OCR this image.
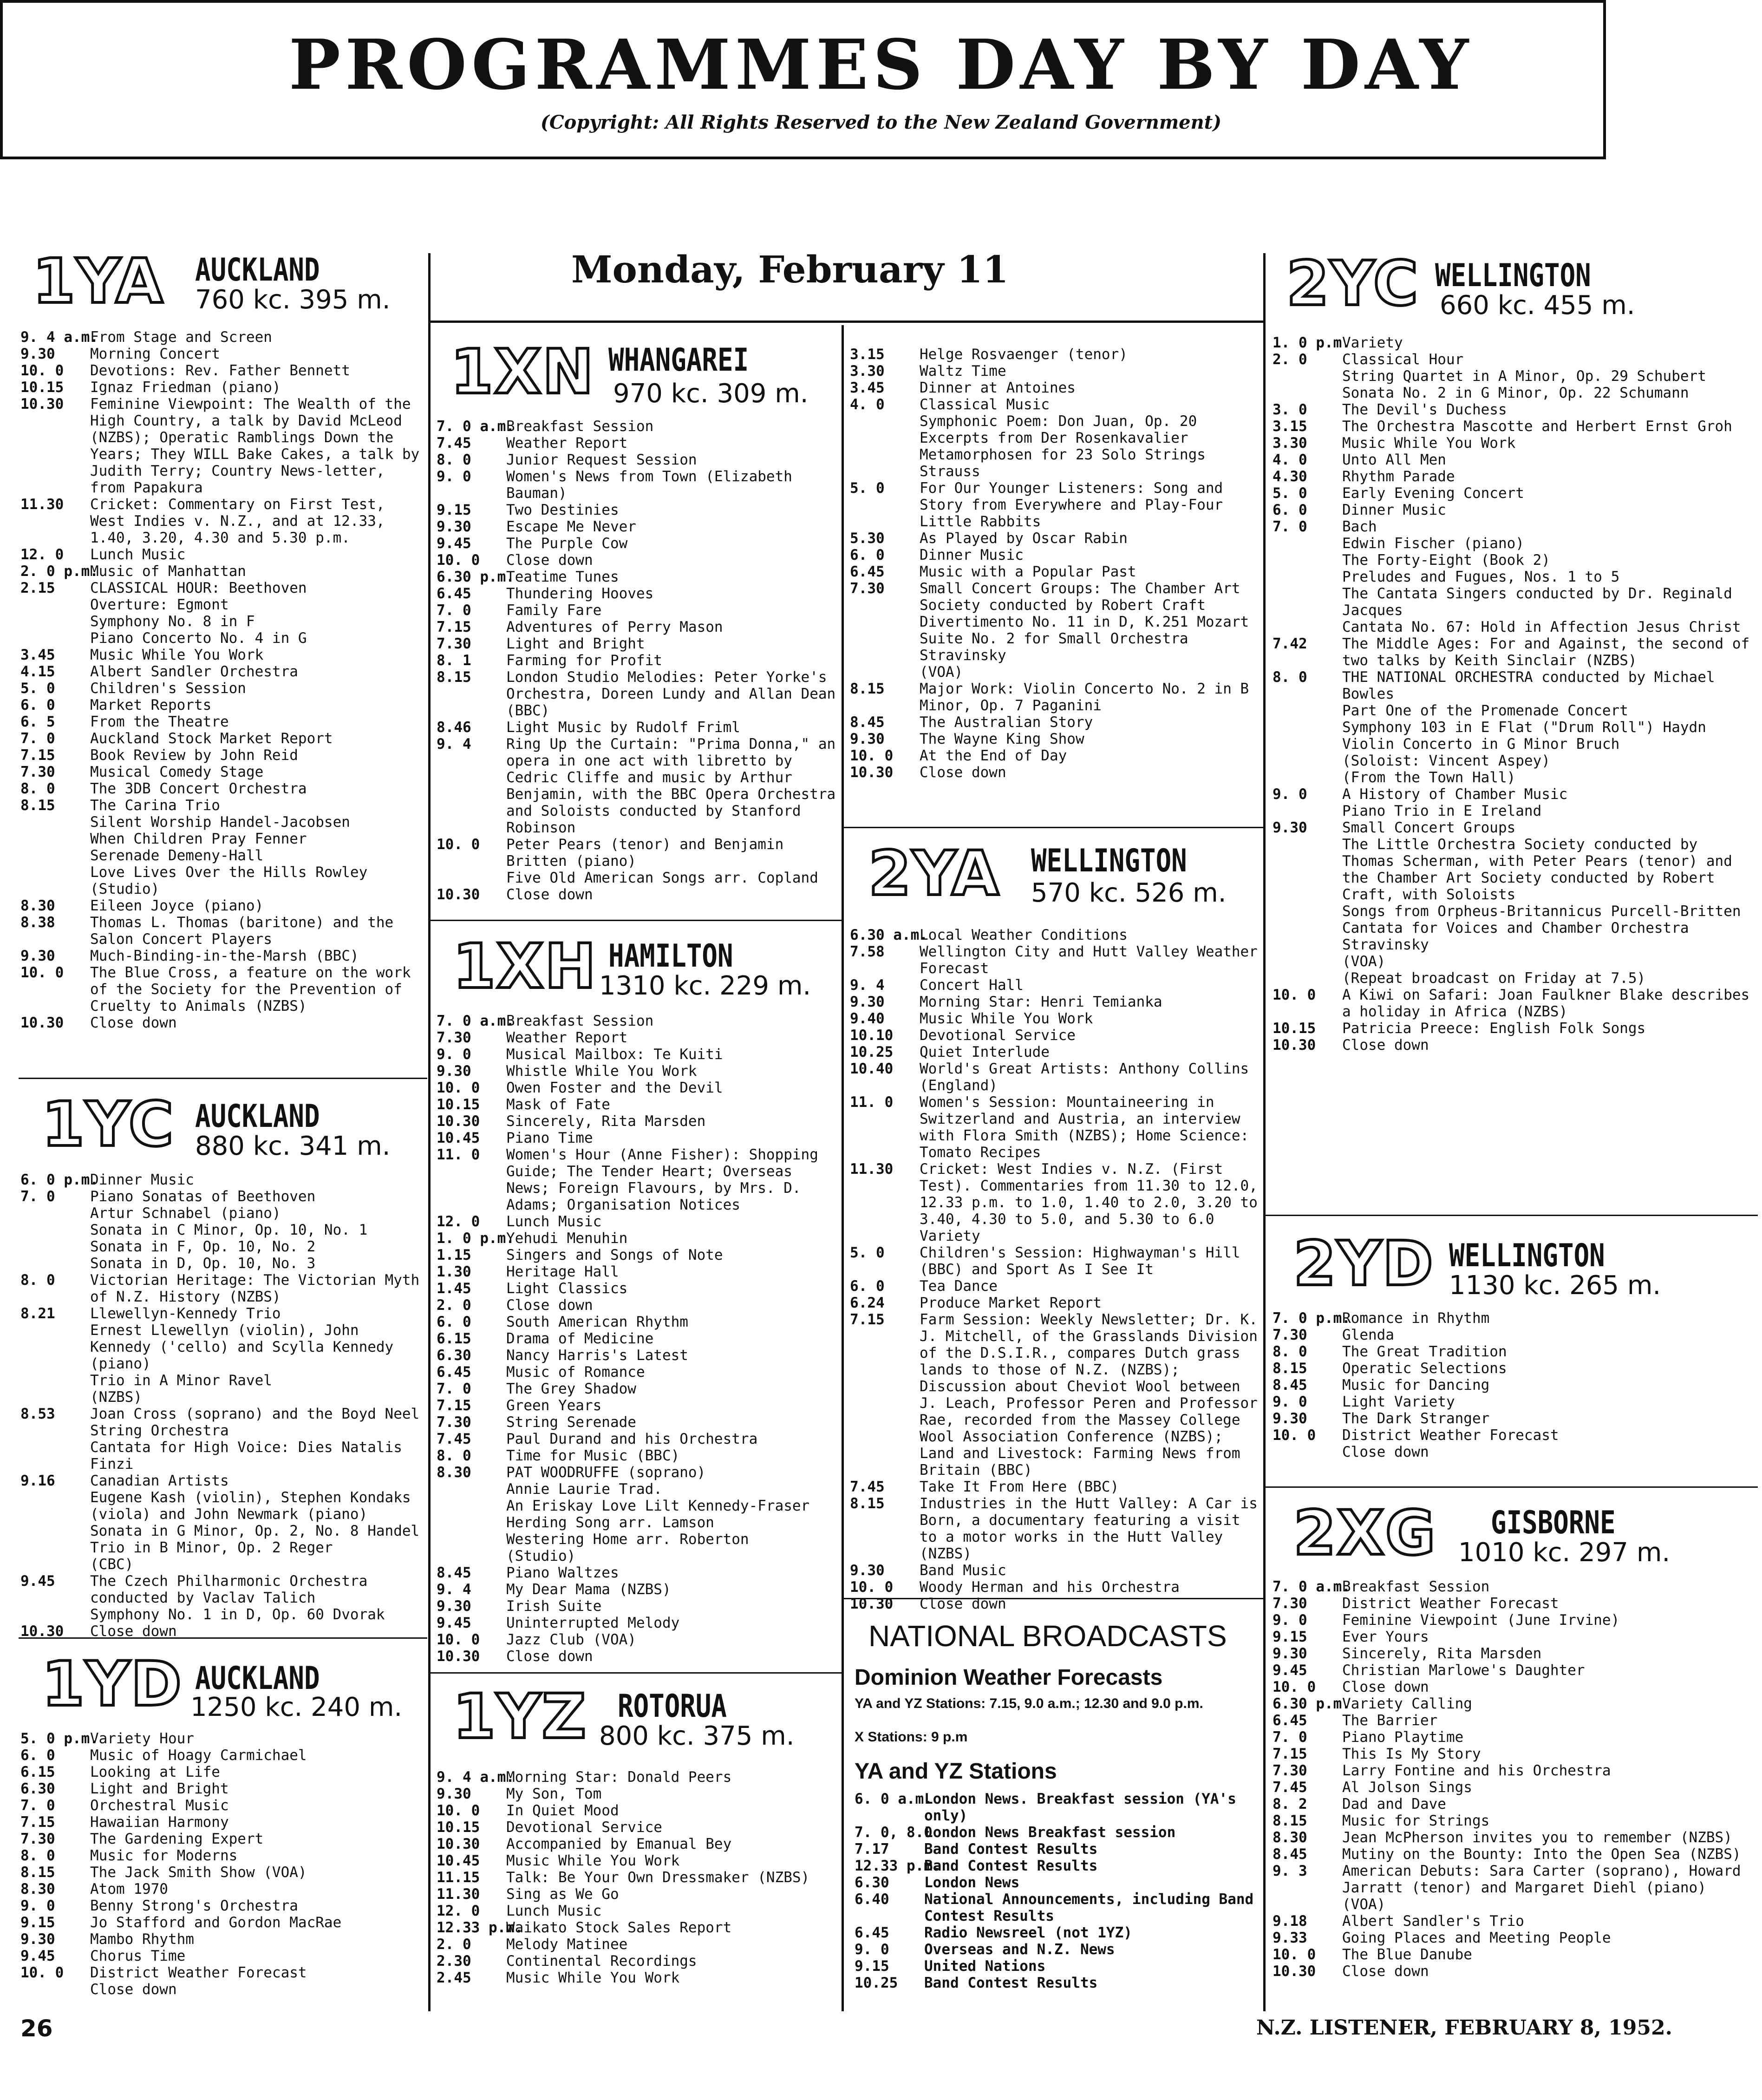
PROGRAMMES DAY BY DAY
(Copyright: All Rights Reserved to the New Zealand Government)
Monday, February 11
1YA AUCKLAND
760 kc. 395 m.
9. 4 a.m.
From Stage and Screen
9.30 Morning Concert
10. 0 Devotions: Rev. Father Bennett
10.15 Ignaz Friedman (piano)
10.30 Feminine Viewpoint: The Wealth of the High Country, a talk by David McLeod (NZBS); Operatic Ramblings Down the Years; They WILL Bake Cakes, a talk by Judith Terry; Country News-letter, from Papakura
11.30 Cricket: Commentary on First Test, West Indies v. N.Z., and at 12.33, 1.40, 3.20, 4.30 and 5.30 p.m.
12. 0 Lunch Music
2. 0 p.m.
Music of Manhattan
2.15 CLASSICAL HOUR: Beethoven
Overture: Egmont
Symphony No. 8 in F
Piano Concerto No. 4 in G
3.45 Music While You Work
4.15 Albert Sandler Orchestra
5. 0 Children's Session
6. 0 Market Reports
6. 5 From the Theatre
7. 0 Auckland Stock Market Report
7.15 Book Review by John Reid
7.30 Musical Comedy Stage
8. 0 The 3DB Concert Orchestra
8.15 The Carina Trio
Silent Worship Handel-Jacobsen
When Children Pray Fenner
Serenade Demeny-Hall
Love Lives Over the Hills Rowley
(Studio)
8.30 Eileen Joyce (piano)
8.38 Thomas L. Thomas (baritone) and the Salon Concert Players
9.30 Much-Binding-in-the-Marsh (BBC)
10. 0 The Blue Cross, a feature on the work of the Society for the Prevention of Cruelty to Animals (NZBS)
10.30 Close down
1YC AUCKLAND
880 kc. 341 m.
6. 0 p.m.
Dinner Music
7. 0 Piano Sonatas of Beethoven
Artur Schnabel (piano)
Sonata in C Minor, Op. 10, No. 1
Sonata in F, Op. 10, No. 2
Sonata in D, Op. 10, No. 3
8. 0 Victorian Heritage: The Victorian Myth of N.Z. History (NZBS)
8.21 Llewellyn-Kennedy Trio
Ernest Llewellyn (violin), John Kennedy ('cello) and Scylla Kennedy (piano)
Trio in A Minor Ravel
(NZBS)
8.53 Joan Cross (soprano) and the Boyd Neel String Orchestra
Cantata for High Voice: Dies Natalis Finzi
9.16 Canadian Artists
Eugene Kash (violin), Stephen Kondaks (viola) and John Newmark (piano)
Sonata in G Minor, Op. 2, No. 8 Handel
Trio in B Minor, Op. 2 Reger
(CBC)
9.45 The Czech Philharmonic Orchestra conducted by Vaclav Talich
Symphony No. 1 in D, Op. 60 Dvorak
10.30 Close down
1YD AUCKLAND
1250 kc. 240 m.
5. 0 p.m.
Variety Hour
6. 0 Music of Hoagy Carmichael
6.15 Looking at Life
6.30 Light and Bright
7. 0 Orchestral Music
7.15 Hawaiian Harmony
7.30 The Gardening Expert
8. 0 Music for Moderns
8.15 The Jack Smith Show (VOA)
8.30 Atom 1970
9. 0 Benny Strong's Orchestra
9.15 Jo Stafford and Gordon MacRae
9.30 Mambo Rhythm
9.45 Chorus Time
10. 0 District Weather Forecast
Close down
1XN WHANGAREI
970 kc. 309 m.
7. 0 a.m.
Breakfast Session
7.45 Weather Report
8. 0 Junior Request Session
9. 0 Women's News from Town (Elizabeth Bauman)
9.15 Two Destinies
9.30 Escape Me Never
9.45 The Purple Cow
10. 0 Close down
6.30 p.m.
Teatime Tunes
6.45 Thundering Hooves
7. 0 Family Fare
7.15 Adventures of Perry Mason
7.30 Light and Bright
8. 1 Farming for Profit
8.15 London Studio Melodies: Peter Yorke's Orchestra, Doreen Lundy and Allan Dean (BBC)
8.46 Light Music by Rudolf Friml
9. 4 Ring Up the Curtain: "Prima Donna," an opera in one act with libretto by Cedric Cliffe and music by Arthur Benjamin, with the BBC Opera Orchestra and Soloists conducted by Stanford Robinson
10. 0 Peter Pears (tenor) and Benjamin Britten (piano)
Five Old American Songs arr. Copland
10.30 Close down
1XH HAMILTON
1310 kc. 229 m.
7. 0 a.m.
Breakfast Session
7.30 Weather Report
9. 0 Musical Mailbox: Te Kuiti
9.30 Whistle While You Work
10. 0 Owen Foster and the Devil
10.15 Mask of Fate
10.30 Sincerely, Rita Marsden
10.45 Piano Time
11. 0 Women's Hour (Anne Fisher): Shopping Guide; The Tender Heart; Overseas News; Foreign Flavours, by Mrs. D. Adams; Organisation Notices
12. 0 Lunch Music
1. 0 p.m.
Yehudi Menuhin
1.15 Singers and Songs of Note
1.30 Heritage Hall
1.45 Light Classics
2. 0 Close down
6. 0 South American Rhythm
6.15 Drama of Medicine
6.30 Nancy Harris's Latest
6.45 Music of Romance
7. 0 The Grey Shadow
7.15 Green Years
7.30 String Serenade
7.45 Paul Durand and his Orchestra
8. 0 Time for Music (BBC)
8.30 PAT WOODRUFFE (soprano)
Annie Laurie Trad.
An Eriskay Love Lilt Kennedy-Fraser
Herding Song arr. Lamson
Westering Home arr. Roberton
(Studio)
8.45 Piano Waltzes
9. 4 My Dear Mama (NZBS)
9.30 Irish Suite
9.45 Uninterrupted Melody
10. 0 Jazz Club (VOA)
10.30 Close down
1YZ ROTORUA
800 kc. 375 m.
9. 4 a.m.
Morning Star: Donald Peers
9.30 My Son, Tom
10. 0 In Quiet Mood
10.15 Devotional Service
10.30 Accompanied by Emanual Bey
10.45 Music While You Work
11.15 Talk: Be Your Own Dressmaker (NZBS)
11.30 Sing as We Go
12. 0 Lunch Music
12.33 p.m.
Waikato Stock Sales Report
2. 0 Melody Matinee
2.30 Continental Recordings
2.45 Music While You Work
3.15 Helge Rosvaenger (tenor)
3.30 Waltz Time
3.45 Dinner at Antoines
4. 0 Classical Music
Symphonic Poem: Don Juan, Op. 20
Excerpts from Der Rosenkavalier
Metamorphosen for 23 Solo Strings Strauss
5. 0 For Our Younger Listeners: Song and Story from Everywhere and Play-Four Little Rabbits
5.30 As Played by Oscar Rabin
6. 0 Dinner Music
6.45 Music with a Popular Past
7.30 Small Concert Groups: The Chamber Art Society conducted by Robert Craft
Divertimento No. 11 in D, K.251 Mozart
Suite No. 2 for Small Orchestra Stravinsky
(VOA)
8.15 Major Work: Violin Concerto No. 2 in B Minor, Op. 7 Paganini
8.45 The Australian Story
9.30 The Wayne King Show
10. 0 At the End of Day
10.30 Close down
2YA WELLINGTON
570 kc. 526 m.
6.30 a.m.
Local Weather Conditions
7.58 Wellington City and Hutt Valley Weather Forecast
9. 4 Concert Hall
9.30 Morning Star: Henri Temianka
9.40 Music While You Work
10.10 Devotional Service
10.25 Quiet Interlude
10.40 World's Great Artists: Anthony Collins (England)
11. 0 Women's Session: Mountaineering in Switzerland and Austria, an interview with Flora Smith (NZBS); Home Science: Tomato Recipes
11.30 Cricket: West Indies v. N.Z. (First Test). Commentaries from 11.30 to 12.0, 12.33 p.m. to 1.0, 1.40 to 2.0, 3.20 to 3.40, 4.30 to 5.0, and 5.30 to 6.0
Variety
5. 0 Children's Session: Highwayman's Hill (BBC) and Sport As I See It
6. 0 Tea Dance
6.24 Produce Market Report
7.15 Farm Session: Weekly Newsletter; Dr. K. J. Mitchell, of the Grasslands Division of the D.S.I.R., compares Dutch grass lands to those of N.Z. (NZBS); Discussion about Cheviot Wool between J. Leach, Professor Peren and Professor Rae, recorded from the Massey College Wool Association Conference (NZBS); Land and Livestock: Farming News from Britain (BBC)
7.45 Take It From Here (BBC)
8.15 Industries in the Hutt Valley: A Car is Born, a documentary featuring a visit to a motor works in the Hutt Valley (NZBS)
9.30 Band Music
10. 0 Woody Herman and his Orchestra
10.30 Close down
NATIONAL BROADCASTS
Dominion Weather Forecasts
YA and YZ Stations: 7.15, 9.0 a.m.; 12.30 and 9.0 p.m.
X Stations: 9 p.m
YA and YZ Stations
6. 0 a.m.
London News. Breakfast session (YA's only)
7. 0, 8.0
London News Breakfast session
7.17 Band Contest Results
12.33 p.m.
Band Contest Results
6.30 London News
6.40 National Announcements, including Band Contest Results
6.45 Radio Newsreel (not 1YZ)
9. 0 Overseas and N.Z. News
9.15 United Nations
10.25 Band Contest Results
2YC WELLINGTON
660 kc. 455 m.
1. 0 p.m.
Variety
2. 0 Classical Hour
String Quartet in A Minor, Op. 29 Schubert
Sonata No. 2 in G Minor, Op. 22 Schumann
3. 0 The Devil's Duchess
3.15 The Orchestra Mascotte and Herbert Ernst Groh
3.30 Music While You Work
4. 0 Unto All Men
4.30 Rhythm Parade
5. 0 Early Evening Concert
6. 0 Dinner Music
7. 0 Bach
Edwin Fischer (piano)
The Forty-Eight (Book 2)
Preludes and Fugues, Nos. 1 to 5
The Cantata Singers conducted by Dr. Reginald Jacques
Cantata No. 67: Hold in Affection Jesus Christ
7.42 The Middle Ages: For and Against, the second of two talks by Keith Sinclair (NZBS)
8. 0 THE NATIONAL ORCHESTRA conducted by Michael Bowles
Part One of the Promenade Concert
Symphony 103 in E Flat ("Drum Roll") Haydn
Violin Concerto in G Minor Bruch
(Soloist: Vincent Aspey)
(From the Town Hall)
9. 0 A History of Chamber Music
Piano Trio in E Ireland
9.30 Small Concert Groups
The Little Orchestra Society conducted by Thomas Scherman, with Peter Pears (tenor) and the Chamber Art Society conducted by Robert Craft, with Soloists
Songs from Orpheus-Britannicus Purcell-Britten
Cantata for Voices and Chamber Orchestra Stravinsky
(VOA)
(Repeat broadcast on Friday at 7.5)
10. 0 A Kiwi on Safari: Joan Faulkner Blake describes a holiday in Africa (NZBS)
10.15 Patricia Preece: English Folk Songs
10.30 Close down
2YD WELLINGTON
1130 kc. 265 m.
7. 0 p.m.
Romance in Rhythm
7.30 Glenda
8. 0 The Great Tradition
8.15 Operatic Selections
8.45 Music for Dancing
9. 0 Light Variety
9.30 The Dark Stranger
10. 0 District Weather Forecast
Close down
2XG GISBORNE
1010 kc. 297 m.
7. 0 a.m.
Breakfast Session
7.30 District Weather Forecast
9. 0 Feminine Viewpoint (June Irvine)
9.15 Ever Yours
9.30 Sincerely, Rita Marsden
9.45 Christian Marlowe's Daughter
10. 0 Close down
6.30 p.m.
Variety Calling
6.45 The Barrier
7. 0 Piano Playtime
7.15 This Is My Story
7.30 Larry Fontine and his Orchestra
7.45 Al Jolson Sings
8. 2 Dad and Dave
8.15 Music for Strings
8.30 Jean McPherson invites you to remember (NZBS)
8.45 Mutiny on the Bounty: Into the Open Sea (NZBS)
9. 3 American Debuts: Sara Carter (soprano), Howard Jarratt (tenor) and Margaret Diehl (piano) (VOA)
9.18 Albert Sandler's Trio
9.33 Going Places and Meeting People
10. 0 The Blue Danube
10.30 Close down
26	N.Z. LISTENER, FEBRUARY 8, 1952.
